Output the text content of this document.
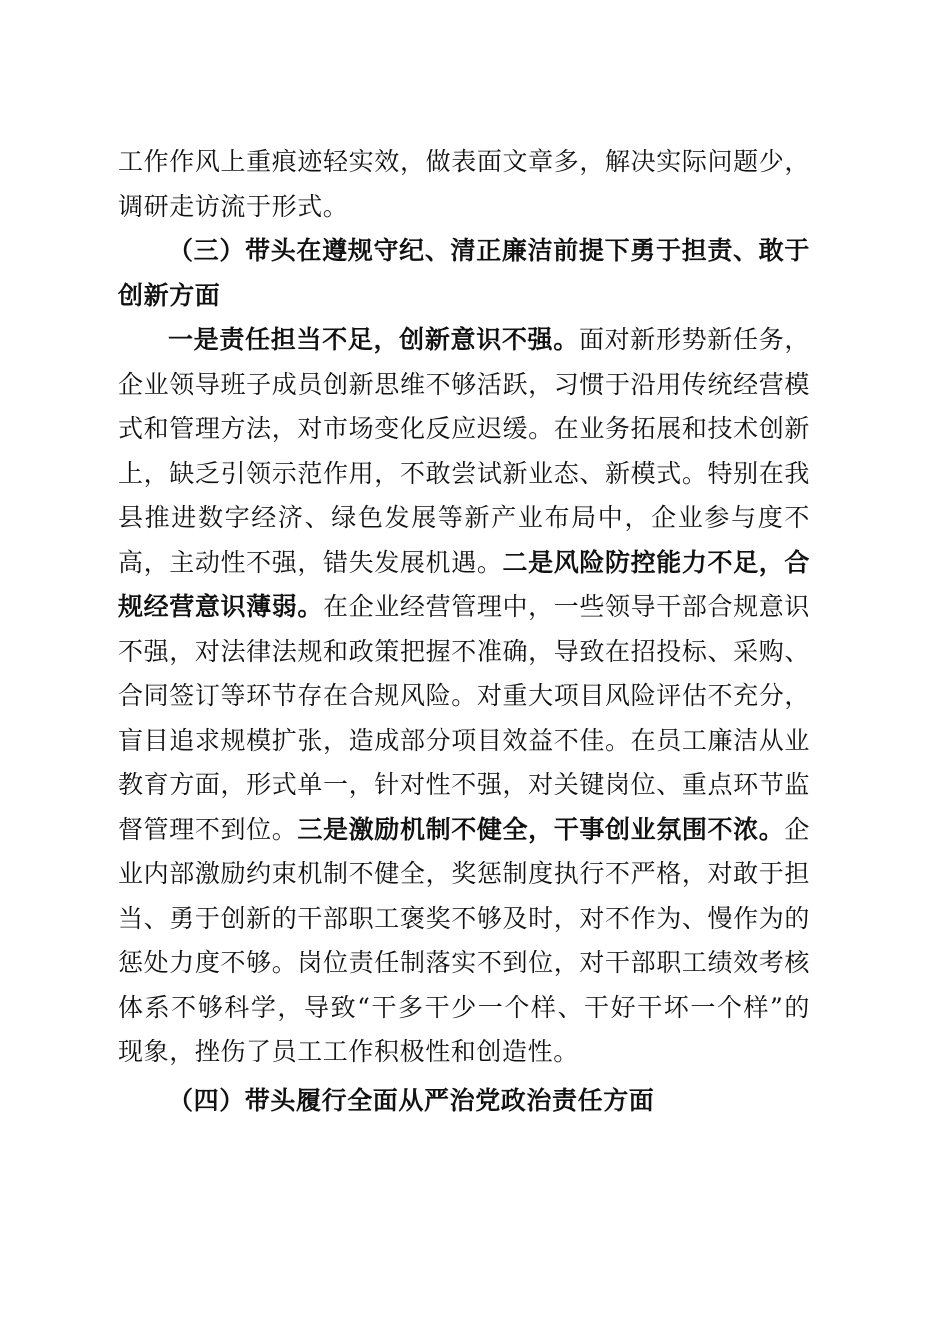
工作作风上重痕迹轻实效，做表面文章多，解决实际问题少，调研走访流于形式。

（三）带头在遵规守纪、清正廉洁前提下勇于担责、敢于创新方面

一是责任担当不足，创新意识不强。面对新形势新任务，企业领导班子成员创新思维不够活跃，习惯于沿用传统经营模式和管理方法，对市场变化反应迟缓。在业务拓展和技术创新上，缺乏引领示范作用，不敢尝试新业态、新模式。特别在我县推进数字经济、绿色发展等新产业布局中，企业参与度不高，主动性不强，错失发展机遇。二是风险防控能力不足，合规经营意识薄弱。在企业经营管理中，一些领导干部合规意识不强，对法律法规和政策把握不准确，导致在招投标、采购、合同签订等环节存在合规风险。对重大项目风险评估不充分，盲目追求规模扩张，造成部分项目效益不佳。在员工廉洁从业教育方面，形式单一，针对性不强，对关键岗位、重点环节监督管理不到位。三是激励机制不健全，干事创业氛围不浓。企业内部激励约束机制不健全，奖惩制度执行不严格，对敢于担当、勇于创新的干部职工褒奖不够及时，对不作为、慢作为的惩处力度不够。岗位责任制落实不到位，对干部职工绩效考核体系不够科学，导致“干多干少一个样、干好干坏一个样”的现象，挫伤了员工工作积极性和创造性。

（四）带头履行全面从严治党政治责任方面
